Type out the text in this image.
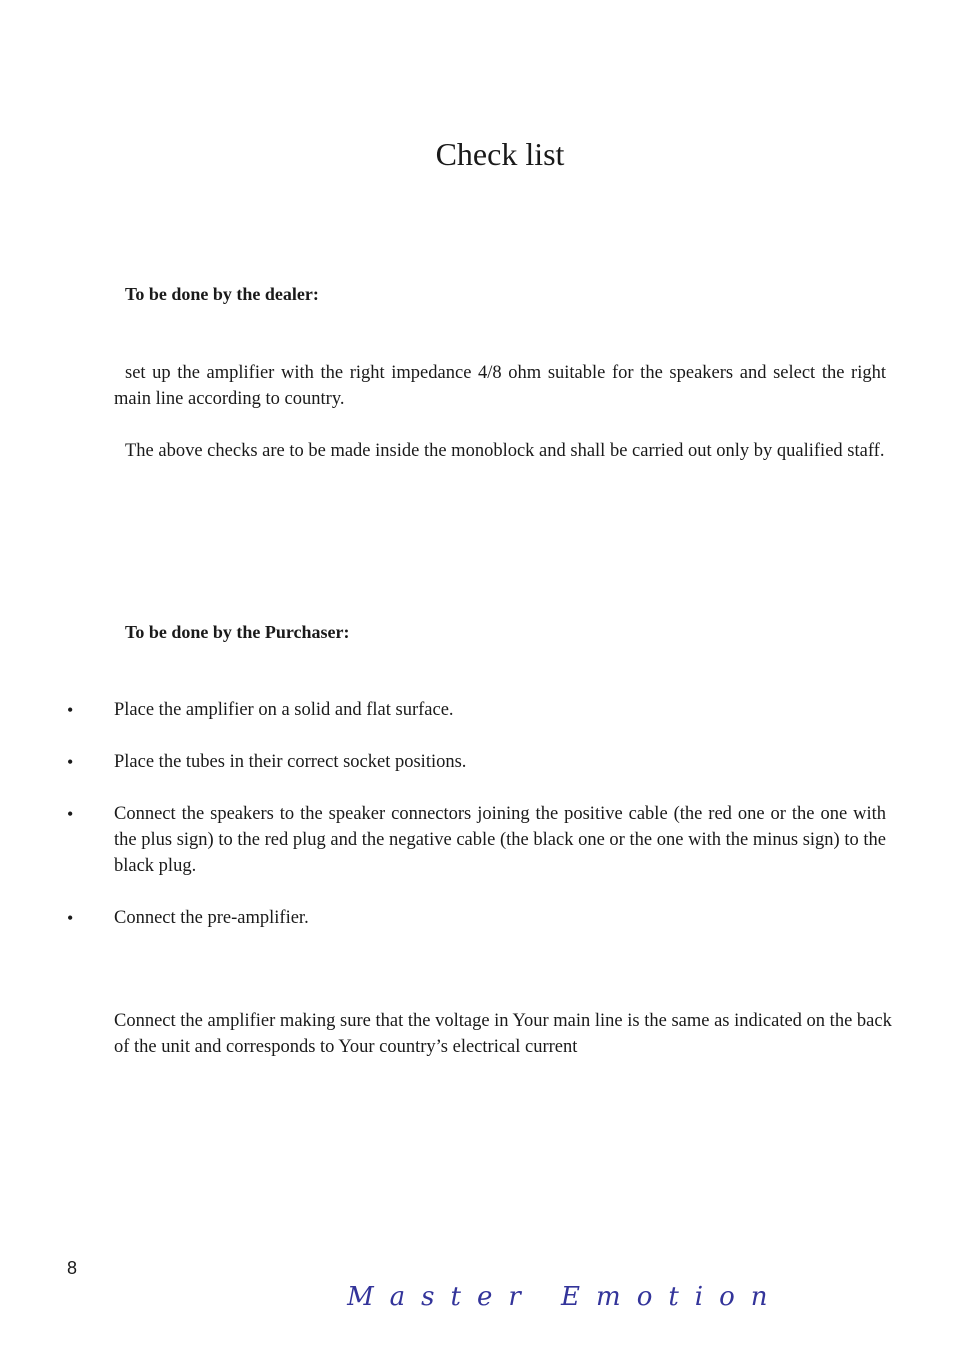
Check list

To be done by the dealer:

set up the amplifier with the right impedance 4/8 ohm suitable for the speakers and select the right main line according to country.

The above checks are to be made inside the monoblock and shall be carried out only by qualified staff.

To be done by the Purchaser:

• Place the amplifier on a solid and flat surface.
• Place the tubes in their correct socket positions.
• Connect the speakers to the speaker connectors joining the positive cable (the red one or the one with the plus sign) to the red plug and the negative cable (the black one or the one with the minus sign) to the black plug.
• Connect the pre-amplifier.

Connect the amplifier making sure that the voltage in Your main line is the same as indicated on the back of the unit and corresponds to Your country’s electrical current

8

Master Emotion
